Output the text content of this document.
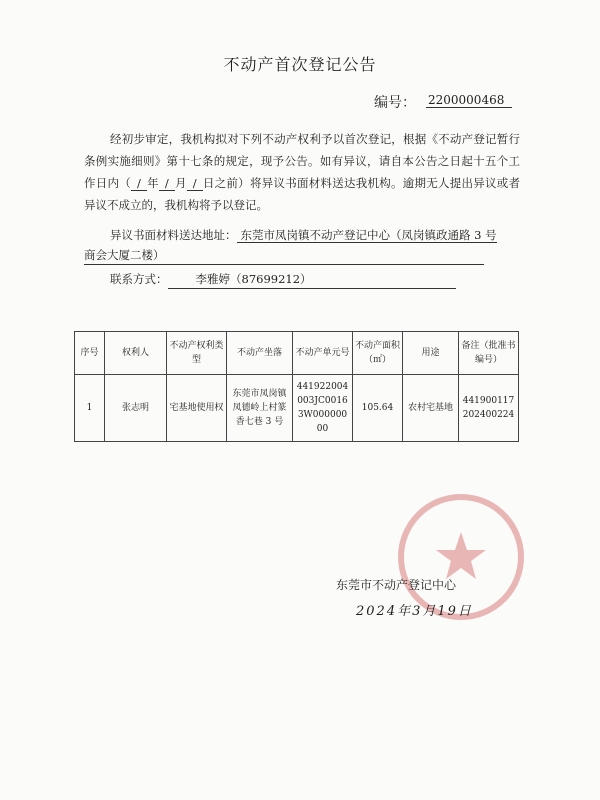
不动产首次登记公告
编号： 2200000468

经初步审定，我机构拟对下列不动产权利予以首次登记，根据《不动产登记暂行条例实施细则》第十七条的规定，现予公告。如有异议，请自本公告之日起十五个工作日内（ / 年 / 月 / 日之前）将异议书面材料送达我机构。逾期无人提出异议或者异议不成立的，我机构将予以登记。

异议书面材料送达地址： 东莞市凤岗镇不动产登记中心（凤岗镇政通路 3 号
商会大厦二楼）
联系方式： 李雅婷（87699212）
序号	权利人	不动产权利类型	不动产坐落	不动产单元号	不动产面积（㎡）	用途	备注（批准书编号）
1	张志明	宅基地使用权	东莞市凤岗镇凤德岭上村篆香七巷 3 号	441922004003JC00163W00000000	105.64	农村宅基地	441900117202400224
东莞市不动产登记中心
2024年3月19日
